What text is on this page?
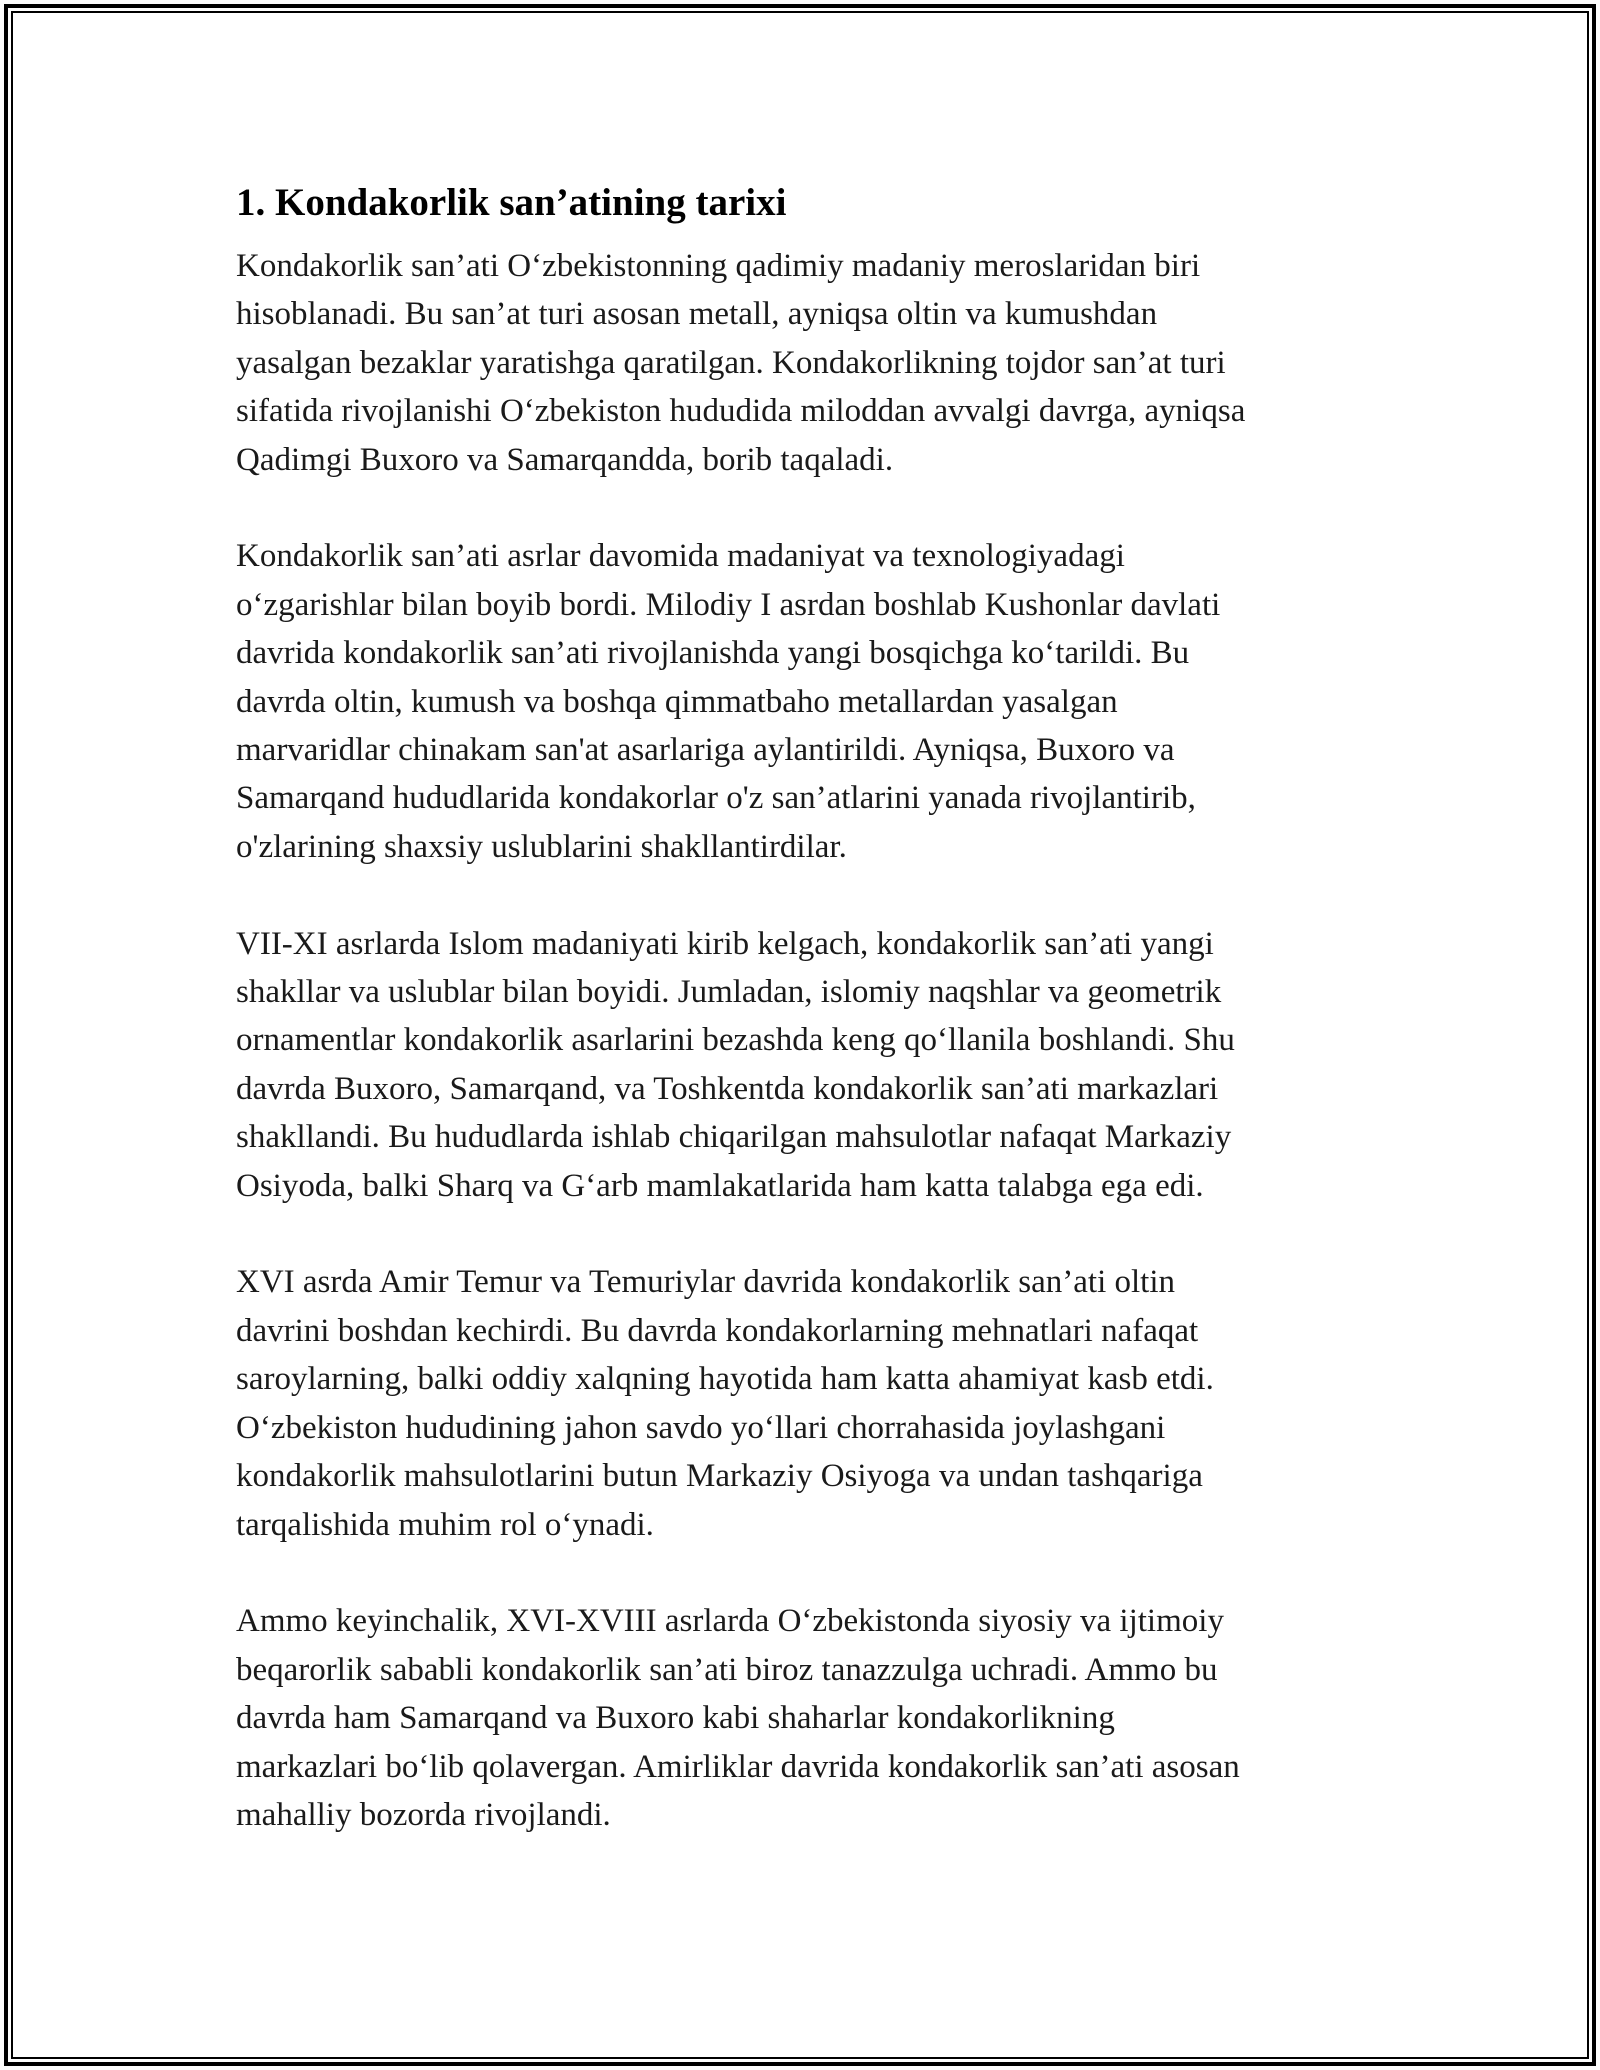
1. Kondakorlik san’atining tarixi

Kondakorlik san’ati O‘zbekistonning qadimiy madaniy meroslaridan biri
hisoblanadi. Bu san’at turi asosan metall, ayniqsa oltin va kumushdan
yasalgan bezaklar yaratishga qaratilgan. Kondakorlikning tojdor san’at turi
sifatida rivojlanishi O‘zbekiston hududida miloddan avvalgi davrga, ayniqsa
Qadimgi Buxoro va Samarqandda, borib taqaladi.

Kondakorlik san’ati asrlar davomida madaniyat va texnologiyadagi
o‘zgarishlar bilan boyib bordi. Milodiy I asrdan boshlab Kushonlar davlati
davrida kondakorlik san’ati rivojlanishda yangi bosqichga ko‘tarildi. Bu
davrda oltin, kumush va boshqa qimmatbaho metallardan yasalgan
marvaridlar chinakam san'at asarlariga aylantirildi. Ayniqsa, Buxoro va
Samarqand hududlarida kondakorlar o'z san’atlarini yanada rivojlantirib,
o'zlarining shaxsiy uslublarini shakllantirdilar.

VII-XI asrlarda Islom madaniyati kirib kelgach, kondakorlik san’ati yangi
shakllar va uslublar bilan boyidi. Jumladan, islomiy naqshlar va geometrik
ornamentlar kondakorlik asarlarini bezashda keng qo‘llanila boshlandi. Shu
davrda Buxoro, Samarqand, va Toshkentda kondakorlik san’ati markazlari
shakllandi. Bu hududlarda ishlab chiqarilgan mahsulotlar nafaqat Markaziy
Osiyoda, balki Sharq va G‘arb mamlakatlarida ham katta talabga ega edi.

XVI asrda Amir Temur va Temuriylar davrida kondakorlik san’ati oltin
davrini boshdan kechirdi. Bu davrda kondakorlarning mehnatlari nafaqat
saroylarning, balki oddiy xalqning hayotida ham katta ahamiyat kasb etdi.
O‘zbekiston hududining jahon savdo yo‘llari chorrahasida joylashgani
kondakorlik mahsulotlarini butun Markaziy Osiyoga va undan tashqariga
tarqalishida muhim rol o‘ynadi.

Ammo keyinchalik, XVI-XVIII asrlarda O‘zbekistonda siyosiy va ijtimoiy
beqarorlik sababli kondakorlik san’ati biroz tanazzulga uchradi. Ammo bu
davrda ham Samarqand va Buxoro kabi shaharlar kondakorlikning
markazlari bo‘lib qolavergan. Amirliklar davrida kondakorlik san’ati asosan
mahalliy bozorda rivojlandi.
